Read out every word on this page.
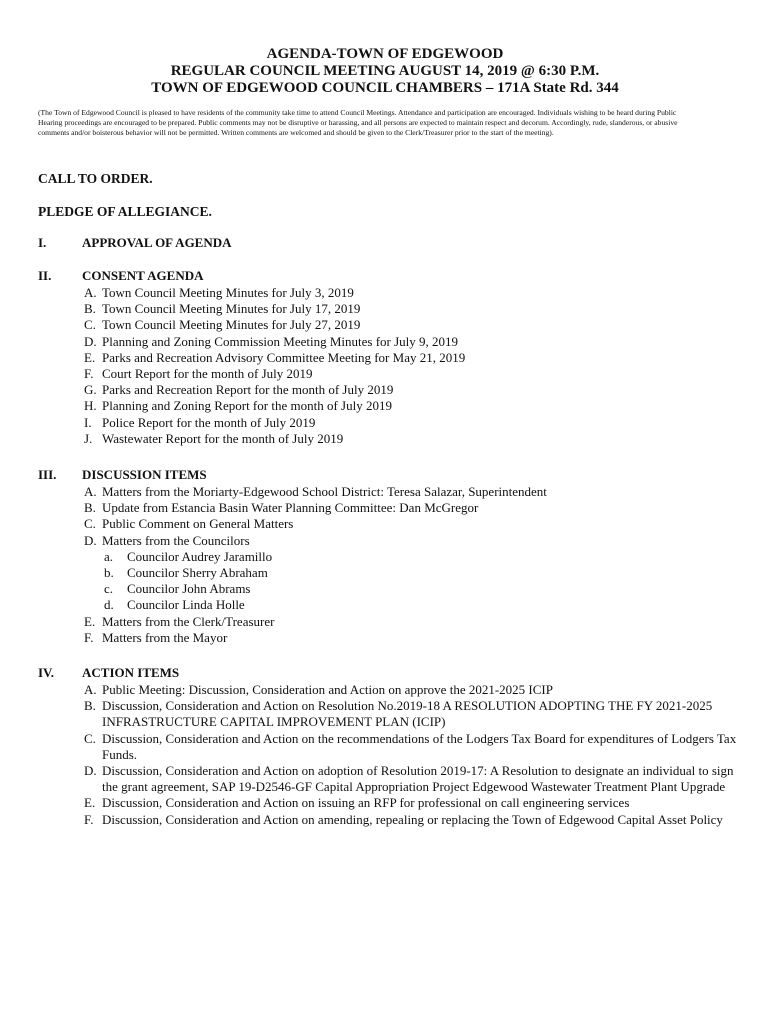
AGENDA-TOWN OF EDGEWOOD
REGULAR COUNCIL MEETING AUGUST 14, 2019 @ 6:30 P.M.
TOWN OF EDGEWOOD COUNCIL CHAMBERS – 171A State Rd. 344
(The Town of Edgewood Council is pleased to have residents of the community take time to attend Council Meetings. Attendance and participation are encouraged. Individuals wishing to be heard during Public Hearing proceedings are encouraged to be prepared. Public comments may not be disruptive or harassing, and all persons are expected to maintain respect and decorum. Accordingly, rude, slanderous, or abusive comments and/or boisterous behavior will not be permitted. Written comments are welcomed and should be given to the Clerk/Treasurer prior to the start of the meeting).
CALL TO ORDER.
PLEDGE OF ALLEGIANCE.
I.	APPROVAL OF AGENDA
II. CONSENT AGENDA
A. Town Council Meeting Minutes for July 3, 2019
B. Town Council Meeting Minutes for July 17, 2019
C. Town Council Meeting Minutes for July 27, 2019
D. Planning and Zoning Commission Meeting Minutes for July 9, 2019
E. Parks and Recreation Advisory Committee Meeting for May 21, 2019
F. Court Report for the month of July 2019
G. Parks and Recreation Report for the month of July 2019
H. Planning and Zoning Report for the month of July 2019
I. Police Report for the month of July 2019
J. Wastewater Report for the month of July 2019
III. DISCUSSION ITEMS
A. Matters from the Moriarty-Edgewood School District: Teresa Salazar, Superintendent
B. Update from Estancia Basin Water Planning Committee: Dan McGregor
C. Public Comment on General Matters
D. Matters from the Councilors
a.	Councilor Audrey Jaramillo
b.	Councilor Sherry Abraham
c.	Councilor John Abrams
d.	Councilor Linda Holle
E. Matters from the Clerk/Treasurer
F. Matters from the Mayor
IV. ACTION ITEMS
A. Public Meeting: Discussion, Consideration and Action on approve the 2021-2025 ICIP
B. Discussion, Consideration and Action on Resolution No.2019-18 A RESOLUTION ADOPTING THE FY 2021-2025 INFRASTRUCTURE CAPITAL IMPROVEMENT PLAN (ICIP)
C. Discussion, Consideration and Action on the recommendations of the Lodgers Tax Board for expenditures of Lodgers Tax Funds.
D. Discussion, Consideration and Action on adoption of Resolution 2019-17: A Resolution to designate an individual to sign the grant agreement, SAP 19-D2546-GF Capital Appropriation Project Edgewood Wastewater Treatment Plant Upgrade
E. Discussion, Consideration and Action on issuing an RFP for professional on call engineering services
F. Discussion, Consideration and Action on amending, repealing or replacing the Town of Edgewood Capital Asset Policy
